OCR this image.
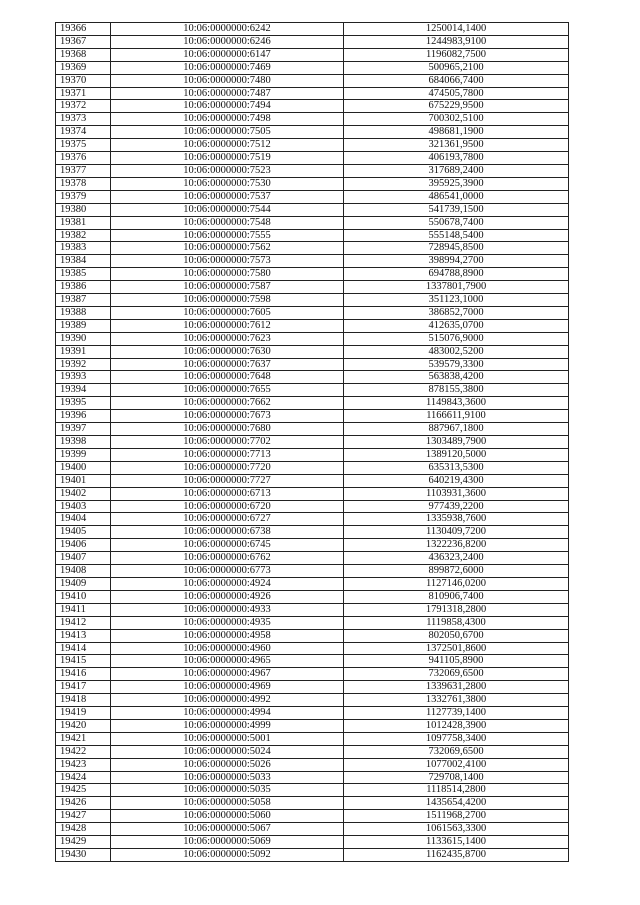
19366	10:06:0000000:6242	1250014,1400
19367	10:06:0000000:6246	1244983,9100
19368	10:06:0000000:6147	1196082,7500
19369	10:06:0000000:7469	500965,2100
19370	10:06:0000000:7480	684066,7400
19371	10:06:0000000:7487	474505,7800
19372	10:06:0000000:7494	675229,9500
19373	10:06:0000000:7498	700302,5100
19374	10:06:0000000:7505	498681,1900
19375	10:06:0000000:7512	321361,9500
19376	10:06:0000000:7519	406193,7800
19377	10:06:0000000:7523	317689,2400
19378	10:06:0000000:7530	395925,3900
19379	10:06:0000000:7537	486541,0000
19380	10:06:0000000:7544	541739,1500
19381	10:06:0000000:7548	550678,7400
19382	10:06:0000000:7555	555148,5400
19383	10:06:0000000:7562	728945,8500
19384	10:06:0000000:7573	398994,2700
19385	10:06:0000000:7580	694788,8900
19386	10:06:0000000:7587	1337801,7900
19387	10:06:0000000:7598	351123,1000
19388	10:06:0000000:7605	386852,7000
19389	10:06:0000000:7612	412635,0700
19390	10:06:0000000:7623	515076,9000
19391	10:06:0000000:7630	483002,5200
19392	10:06:0000000:7637	539579,3300
19393	10:06:0000000:7648	563838,4200
19394	10:06:0000000:7655	878155,3800
19395	10:06:0000000:7662	1149843,3600
19396	10:06:0000000:7673	1166611,9100
19397	10:06:0000000:7680	887967,1800
19398	10:06:0000000:7702	1303489,7900
19399	10:06:0000000:7713	1389120,5000
19400	10:06:0000000:7720	635313,5300
19401	10:06:0000000:7727	640219,4300
19402	10:06:0000000:6713	1103931,3600
19403	10:06:0000000:6720	977439,2200
19404	10:06:0000000:6727	1335938,7600
19405	10:06:0000000:6738	1130409,7200
19406	10:06:0000000:6745	1322236,8200
19407	10:06:0000000:6762	436323,2400
19408	10:06:0000000:6773	899872,6000
19409	10:06:0000000:4924	1127146,0200
19410	10:06:0000000:4926	810906,7400
19411	10:06:0000000:4933	1791318,2800
19412	10:06:0000000:4935	1119858,4300
19413	10:06:0000000:4958	802050,6700
19414	10:06:0000000:4960	1372501,8600
19415	10:06:0000000:4965	941105,8900
19416	10:06:0000000:4967	732069,6500
19417	10:06:0000000:4969	1339631,2800
19418	10:06:0000000:4992	1332761,3800
19419	10:06:0000000:4994	1127739,1400
19420	10:06:0000000:4999	1012428,3900
19421	10:06:0000000:5001	1097758,3400
19422	10:06:0000000:5024	732069,6500
19423	10:06:0000000:5026	1077002,4100
19424	10:06:0000000:5033	729708,1400
19425	10:06:0000000:5035	1118514,2800
19426	10:06:0000000:5058	1435654,4200
19427	10:06:0000000:5060	1511968,2700
19428	10:06:0000000:5067	1061563,3300
19429	10:06:0000000:5069	1133615,1400
19430	10:06:0000000:5092	1162435,8700
